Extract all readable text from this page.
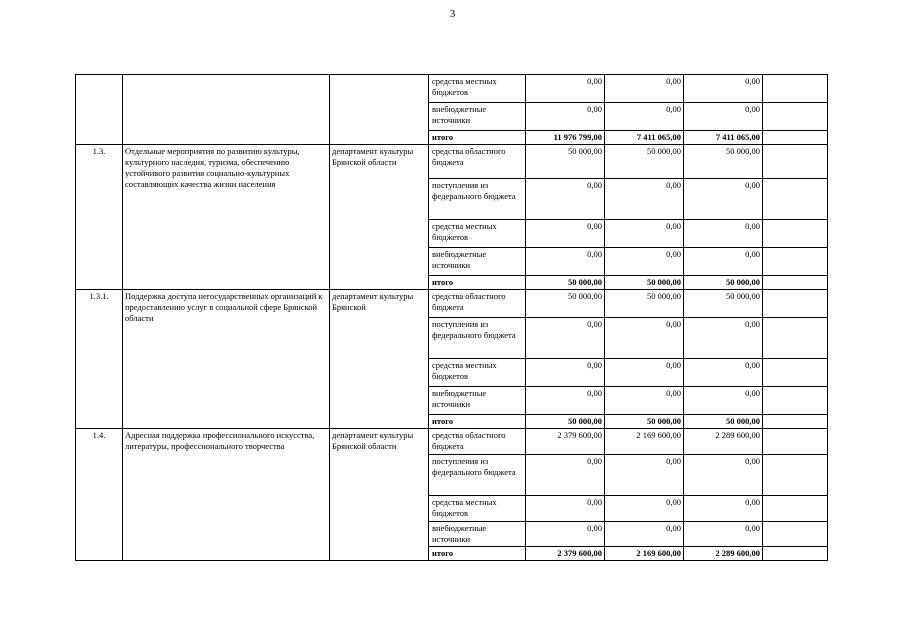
3
			средства местных бюджетов	0,00	0,00	0,00	
			внебюджетные источники	0,00	0,00	0,00	
			итого	11 976 799,00	7 411 065,00	7 411 065,00	
1.3.	Отдельные мероприятия по развитию культуры, культурного наследия, туризма, обеспечению устойчивого развития социально-культурных составляющих качества жизни населения	департамент культуры Брянской области	средства областного бюджета	50 000,00	50 000,00	50 000,00	
			поступления из федерального бюджета	0,00	0,00	0,00	
			средства местных бюджетов	0,00	0,00	0,00	
			внебюджетные источники	0,00	0,00	0,00	
			итого	50 000,00	50 000,00	50 000,00	
1.3.1.	Поддержка доступа негосударственных организаций к предоставлению услуг в социальной сфере Брянской области	департамент культуры Брянской	средства областного бюджета	50 000,00	50 000,00	50 000,00	
			поступления из федерального бюджета	0,00	0,00	0,00	
			средства местных бюджетов	0,00	0,00	0,00	
			внебюджетные источники	0,00	0,00	0,00	
			итого	50 000,00	50 000,00	50 000,00	
1.4.	Адресная поддержка профессионального искусства, литературы, профессионального творчества	департамент культуры Брянской области	средства областного бюджета	2 379 600,00	2 169 600,00	2 289 600,00	
			поступления из федерального бюджета	0,00	0,00	0,00	
			средства местных бюджетов	0,00	0,00	0,00	
			внебюджетные источники	0,00	0,00	0,00	
			итого	2 379 600,00	2 169 600,00	2 289 600,00	
